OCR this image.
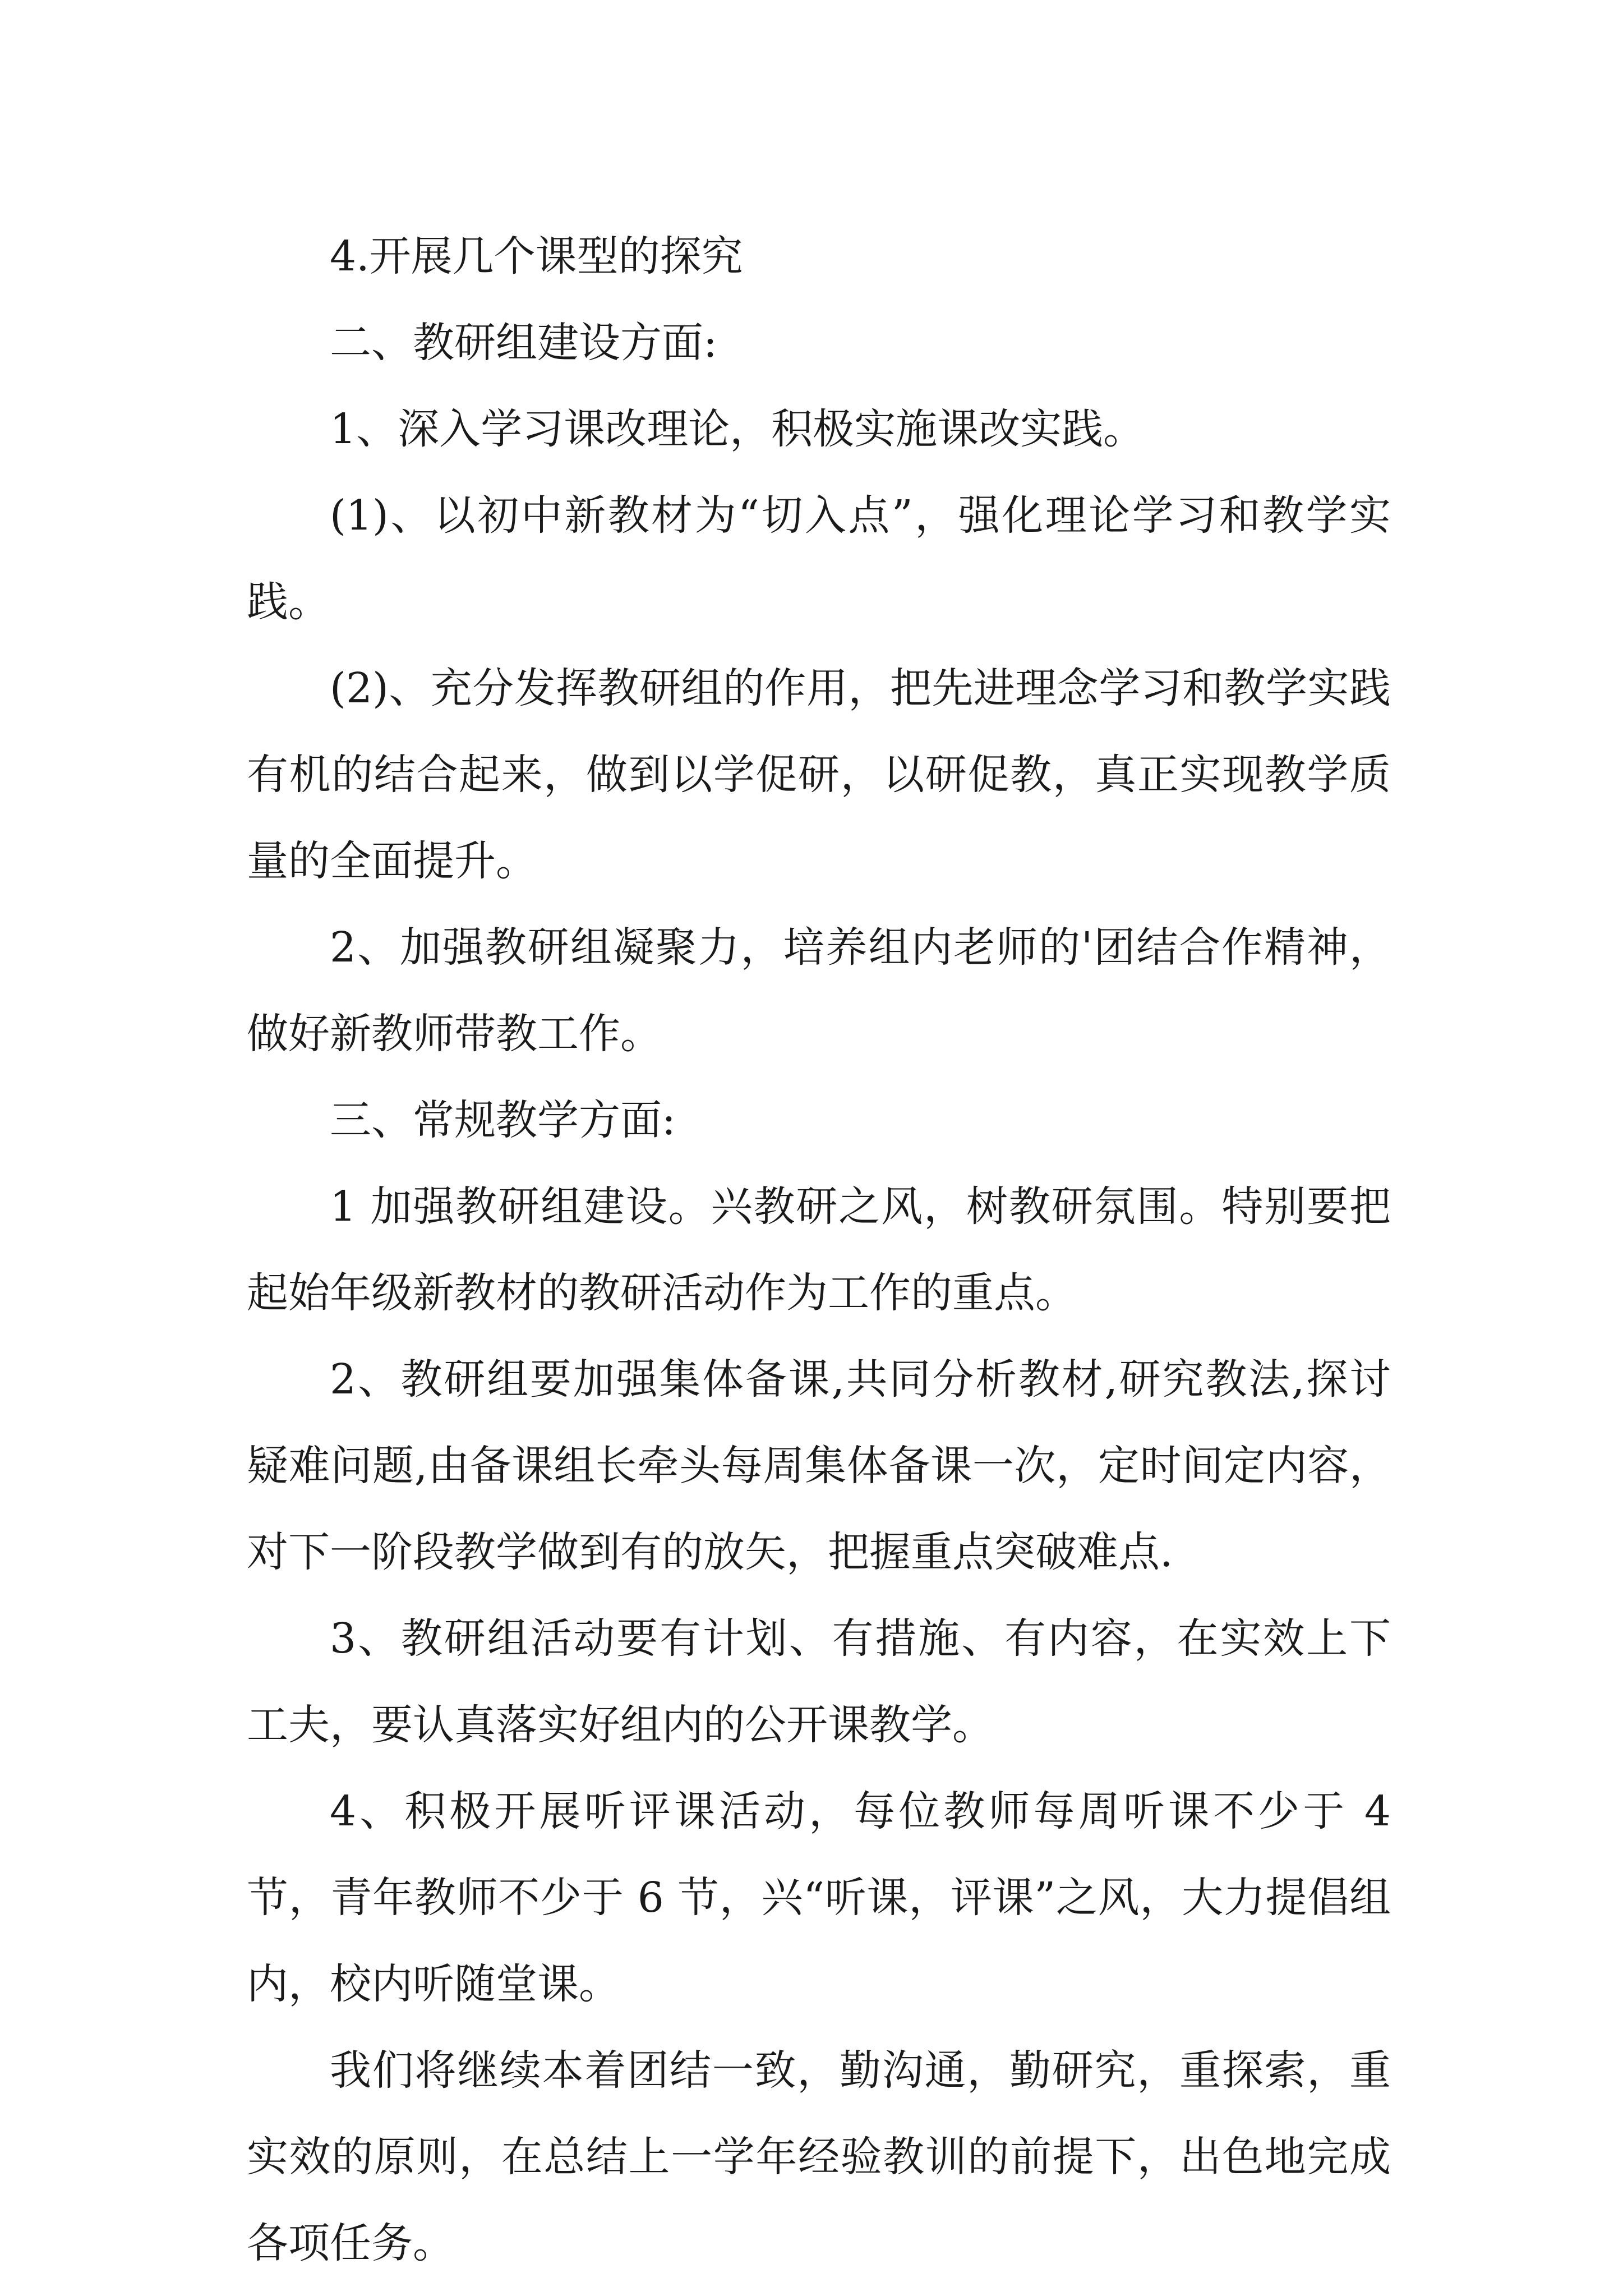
4.开展几个课型的探究

二、教研组建设方面:

1、深入学习课改理论，积极实施课改实践。

(1)、以初中新教材为“切入点”，强化理论学习和教学实践。

(2)、充分发挥教研组的作用，把先进理念学习和教学实践有机的结合起来，做到以学促研，以研促教，真正实现教学质量的全面提升。

2、加强教研组凝聚力，培养组内老师的'团结合作精神，做好新教师带教工作。

三、常规教学方面:

1 加强教研组建设。兴教研之风，树教研氛围。特别要把起始年级新教材的教研活动作为工作的重点。

2、教研组要加强集体备课,共同分析教材,研究教法,探讨疑难问题,由备课组长牵头每周集体备课一次，定时间定内容，对下一阶段教学做到有的放矢，把握重点突破难点.

3、教研组活动要有计划、有措施、有内容，在实效上下工夫，要认真落实好组内的公开课教学。

4、积极开展听评课活动，每位教师每周听课不少于 4 节，青年教师不少于 6 节，兴“听课，评课”之风，大力提倡组内，校内听随堂课。

我们将继续本着团结一致，勤沟通，勤研究，重探索，重实效的原则，在总结上一学年经验教训的前提下，出色地完成各项任务。
